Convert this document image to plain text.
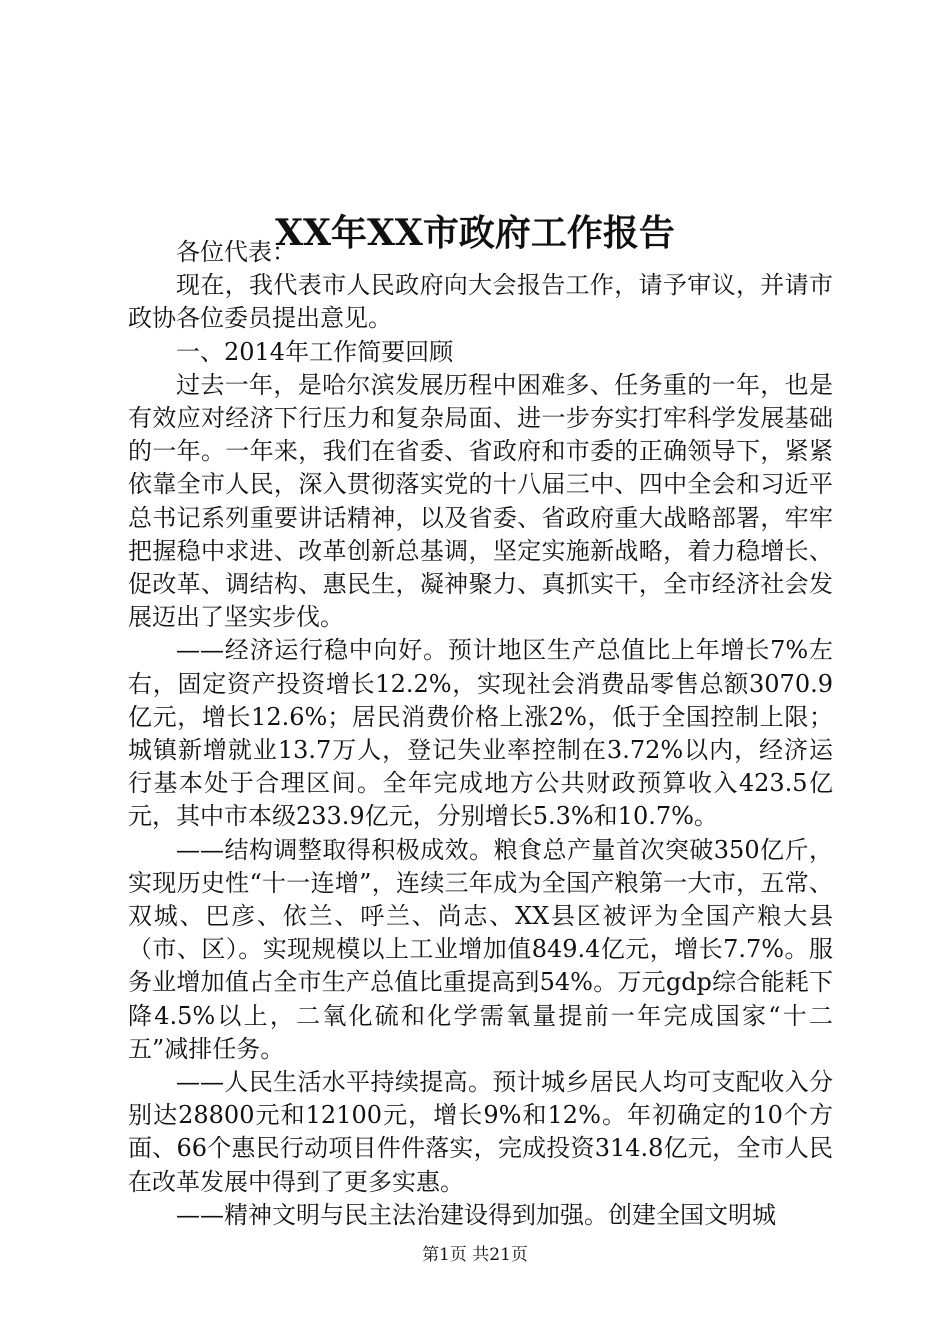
XX年XX市政府工作报告

各位代表：

现在，我代表市人民政府向大会报告工作，请予审议，并请市政协各位委员提出意见。

一、2014年工作简要回顾

过去一年，是哈尔滨发展历程中困难多、任务重的一年，也是有效应对经济下行压力和复杂局面、进一步夯实打牢科学发展基础的一年。一年来，我们在省委、省政府和市委的正确领导下，紧紧依靠全市人民，深入贯彻落实党的十八届三中、四中全会和习近平总书记系列重要讲话精神，以及省委、省政府重大战略部署，牢牢把握稳中求进、改革创新总基调，坚定实施新战略，着力稳增长、促改革、调结构、惠民生，凝神聚力、真抓实干，全市经济社会发展迈出了坚实步伐。

——经济运行稳中向好。预计地区生产总值比上年增长7%左右，固定资产投资增长12.2%，实现社会消费品零售总额3070.9亿元，增长12.6%；居民消费价格上涨2%，低于全国控制上限；城镇新增就业13.7万人，登记失业率控制在3.72%以内，经济运行基本处于合理区间。全年完成地方公共财政预算收入423.5亿元，其中市本级233.9亿元，分别增长5.3%和10.7%。

——结构调整取得积极成效。粮食总产量首次突破350亿斤，实现历史性“十一连增”，连续三年成为全国产粮第一大市，五常、双城、巴彦、依兰、呼兰、尚志、XX县区被评为全国产粮大县（市、区）。实现规模以上工业增加值849.4亿元，增长7.7%。服务业增加值占全市生产总值比重提高到54%。万元gdp综合能耗下降4.5%以上，二氧化硫和化学需氧量提前一年完成国家“十二五”减排任务。

——人民生活水平持续提高。预计城乡居民人均可支配收入分别达28800元和12100元，增长9%和12%。年初确定的10个方面、66个惠民行动项目件件落实，完成投资314.8亿元，全市人民在改革发展中得到了更多实惠。

——精神文明与民主法治建设得到加强。创建全国文明城

第1页 共21页
